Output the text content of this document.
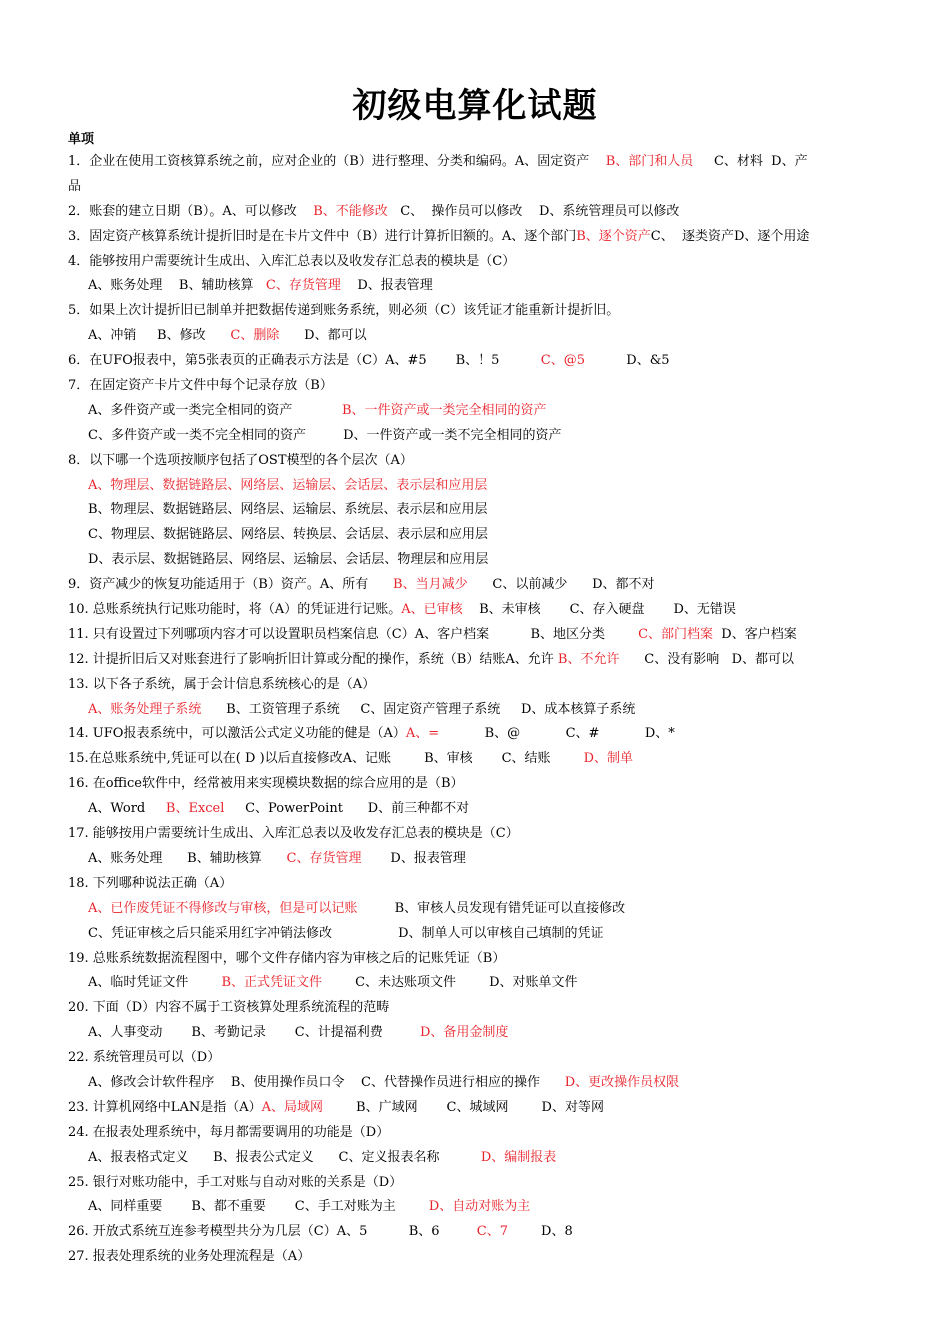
初级电算化试题
单项
1．企业在使用工资核算系统之前，应对企业的（B）进行整理、分类和编码。A、固定资产    B、部门和人员     C、材料  D、产
品
2．账套的建立日期（B）。A、可以修改    B、不能修改   C、  操作员可以修改    D、系统管理员可以修改
3．固定资产核算系统计提折旧时是在卡片文件中（B）进行计算折旧额的。A、逐个部门B、逐个资产C、  逐类资产D、逐个用途
4．能够按用户需要统计生成出、入库汇总表以及收发存汇总表的模块是（C）
A、账务处理    B、辅助核算   C、存货管理    D、报表管理
5．如果上次计提折旧已制单并把数据传递到账务系统，则必须（C）该凭证才能重新计提折旧。
A、冲销     B、修改      C、删除      D、都可以
6．在UFO报表中，第5张表页的正确表示方法是（C）A、#5       B、！5          C、@5          D、&5
7．在固定资产卡片文件中每个记录存放（B）
A、多件资产或一类完全相同的资产            B、一件资产或一类完全相同的资产
C、多件资产或一类不完全相同的资产         D、一件资产或一类不完全相同的资产
8．以下哪一个选项按顺序包括了OST模型的各个层次（A）
A、物理层、数据链路层、网络层、运输层、会话层、表示层和应用层
B、物理层、数据链路层、网络层、运输层、系统层、表示层和应用层
C、物理层、数据链路层、网络层、转换层、会话层、表示层和应用层
D、表示层、数据链路层、网络层、运输层、会话层、物理层和应用层
9．资产减少的恢复功能适用于（B）资产。A、所有      B、当月减少      C、以前减少      D、都不对
10. 总账系统执行记账功能时，将（A）的凭证进行记账。A、已审核    B、未审核       C、存入硬盘       D、无错误
11. 只有设置过下列哪项内容才可以设置职员档案信息（C）A、客户档案          B、地区分类        C、部门档案  D、客户档案
12. 计提折旧后又对账套进行了影响折旧计算或分配的操作，系统（B）结账A、允许 B、不允许      C、没有影响   D、都可以
13. 以下各子系统，属于会计信息系统核心的是（A）
A、账务处理子系统      B、工资管理子系统     C、固定资产管理子系统     D、成本核算子系统
14. UFO报表系统中，可以激活公式定义功能的健是（A）A、=           B、@           C、#           D、*
15.在总账系统中,凭证可以在( D )以后直接修改A、记账        B、审核       C、结账        D、制单
16. 在office软件中，经常被用来实现模块数据的综合应用的是（B）
A、Word     B、Excel     C、PowerPoint      D、前三种都不对
17. 能够按用户需要统计生成出、入库汇总表以及收发存汇总表的模块是（C）
A、账务处理      B、辅助核算      C、存货管理       D、报表管理
18. 下列哪种说法正确（A）
A、已作废凭证不得修改与审核，但是可以记账         B、审核人员发现有错凭证可以直接修改
C、凭证审核之后只能采用红字冲销法修改                D、制单人可以审核自己填制的凭证
19. 总账系统数据流程图中，哪个文件存储内容为审核之后的记账凭证（B）
A、临时凭证文件        B、正式凭证文件        C、未达账项文件        D、对账单文件
20. 下面（D）内容不属于工资核算处理系统流程的范畴
A、人事变动       B、考勤记录       C、计提福利费         D、备用金制度
22. 系统管理员可以（D）
A、修改会计软件程序    B、使用操作员口令    C、代替操作员进行相应的操作      D、更改操作员权限
23. 计算机网络中LAN是指（A）A、局域网        B、广域网       C、城域网        D、对等网
24. 在报表处理系统中，每月都需要调用的功能是（D）
A、报表格式定义      B、报表公式定义      C、定义报表名称          D、编制报表
25. 银行对账功能中，手工对账与自动对账的关系是（D）
A、同样重要       B、都不重要       C、手工对账为主        D、自动对账为主
26. 开放式系统互连参考模型共分为几层（C）A、5          B、6         C、7        D、8
27. 报表处理系统的业务处理流程是（A）
